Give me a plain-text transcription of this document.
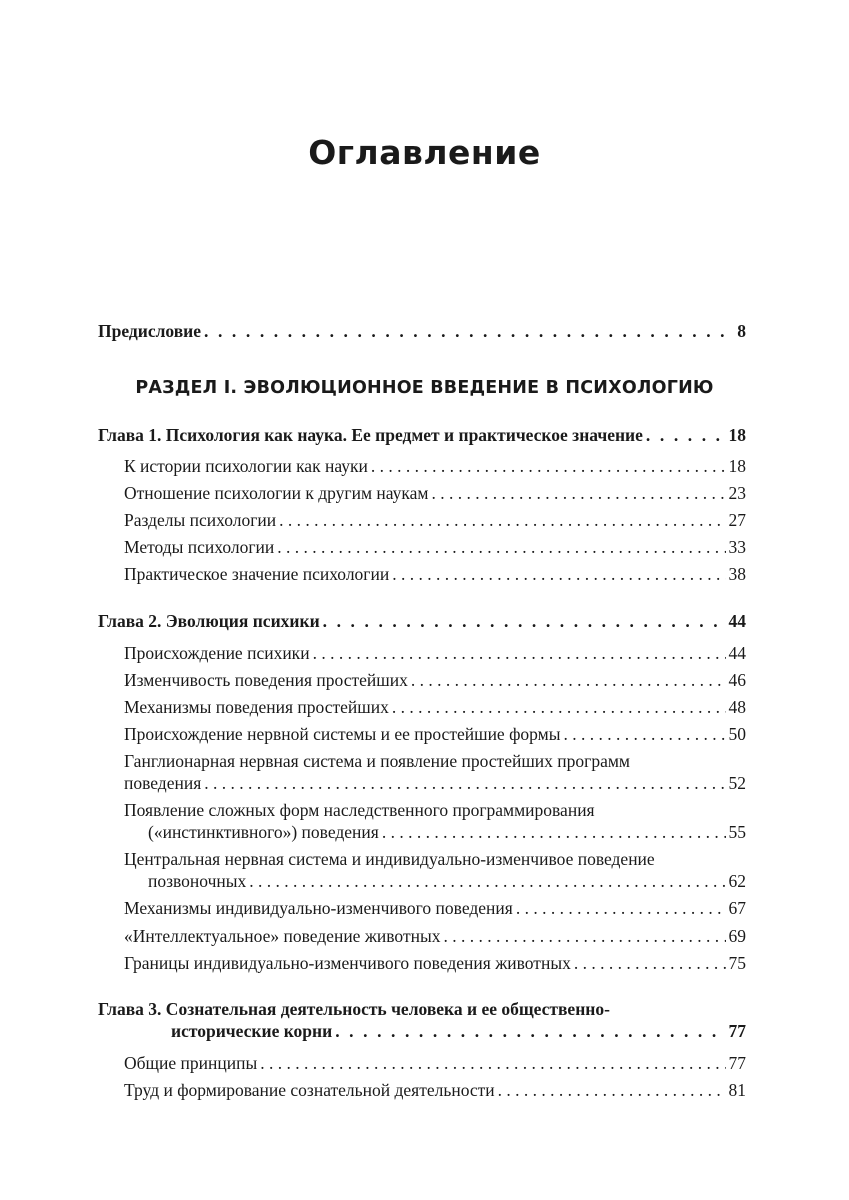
Оглавление
Предисловие . . .	8
РАЗДЕЛ I. ЭВОЛЮЦИОННОЕ ВВЕДЕНИЕ В ПСИХОЛОГИЮ
Глава 1. Психология как наука. Ее предмет и практическое значение . . .	18
К истории психологии как науки . . .	18
Отношение психологии к другим наукам . . .	23
Разделы психологии . . .	27
Методы психологии . . .	33
Практическое значение психологии . . .	38
Глава 2. Эволюция психики . . .	44
Происхождение психики . . .	44
Изменчивость поведения простейших . . .	46
Механизмы поведения простейших . . .	48
Происхождение нервной системы и ее простейшие формы . . .	50
Ганглионарная нервная система и появление простейших программ
поведения . . .	52
Появление сложных форм наследственного программирования
(«инстинктивного») поведения . . .	55
Центральная нервная система и индивидуально-изменчивое поведение
позвоночных . . .	62
Механизмы индивидуально-изменчивого поведения . . .	67
«Интеллектуальное» поведение животных . . .	69
Границы индивидуально-изменчивого поведения животных . . .	75
Глава 3. Сознательная деятельность человека и ее общественно-
исторические корни . . .	77
Общие принципы . . .	77
Труд и формирование сознательной деятельности . . .	81
